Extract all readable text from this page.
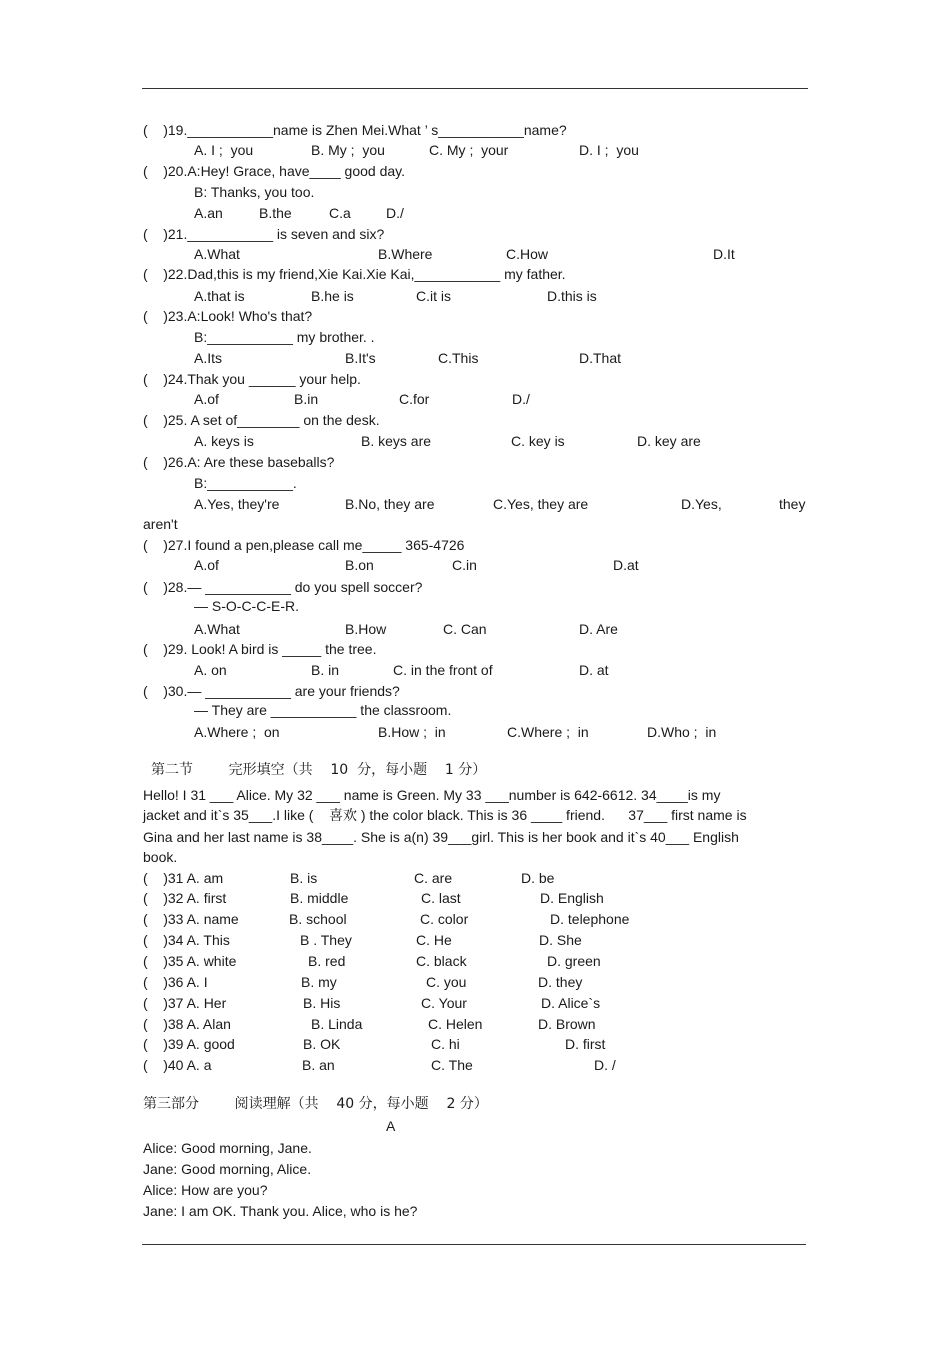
(    )19.___________name is Zhen Mei.What ’ s___________name?
A. I ;  you	B. My ;  you	C. My ;  your	D. I ;  you
(    )20.A:Hey! Grace, have____ good day.
B: Thanks, you too.
A.an	B.the	C.a	D./
(    )21.___________ is seven and six?
A.What	B.Where	C.How	D.It
(    )22.Dad,this is my friend,Xie Kai.Xie Kai,___________ my father.
A.that is	B.he is	C.it is	D.this is
(    )23.A:Look! Who's that?
B:___________ my brother. .
A.Its	B.It's	C.This	D.That
(    )24.Thak you ______ your help.
A.of	B.in	C.for	D./
(    )25. A set of________ on the desk.
A. keys is	B. keys are	C. key is	D. key are
(    )26.A: Are these baseballs?
B:___________.
A.Yes, they're	B.No, they are	C.Yes, they are	D.Yes,	they
aren't
(    )27.I found a pen,please call me_____ 365-4726
A.of	B.on	C.in	D.at
(    )28.— ___________ do you spell soccer?
— S-O-C-C-E-R.
A.What	B.How	C. Can	D. Are
(    )29. Look! A bird is _____ the tree.
A. on	B. in	C. in the front of	D. at
(    )30.— ___________ are your friends?
— They are ___________ the classroom.
A.Where ;  on	B.How ;  in	C.Where ;  in	D.Who ;  in
第二节        完形填空（共    10  分，每小题    1 分）
Hello! I 31 ___ Alice. My 32 ___ name is Green. My 33 ___number is 642-6612. 34____is my
jacket and it`s 35___.I like (    喜欢 ) the color black. This is 36 ____ friend.      37___ first name is
Gina and her last name is 38____. She is a(n) 39___girl. This is her book and it`s 40___ English
book.
(    )31 A. am	B. is	C. are	D. be
(    )32 A. first	B. middle	C. last	D. English
(    )33 A. name	B. school	C. color	D. telephone
(    )34 A. This	B . They	C. He	D. She
(    )35 A. white	B. red	C. black	D. green
(    )36 A. I	B. my	C. you	D. they
(    )37 A. Her	B. His	C. Your	D. Alice`s
(    )38 A. Alan	B. Linda	C. Helen	D. Brown
(    )39 A. good	B. OK	C. hi	D. first
(    )40 A. a	B. an	C. The	D. /
第三部分        阅读理解（共    40 分，每小题    2 分）
A
Alice: Good morning, Jane.
Jane: Good morning, Alice.
Alice: How are you?
Jane: I am OK. Thank you. Alice, who is he?
